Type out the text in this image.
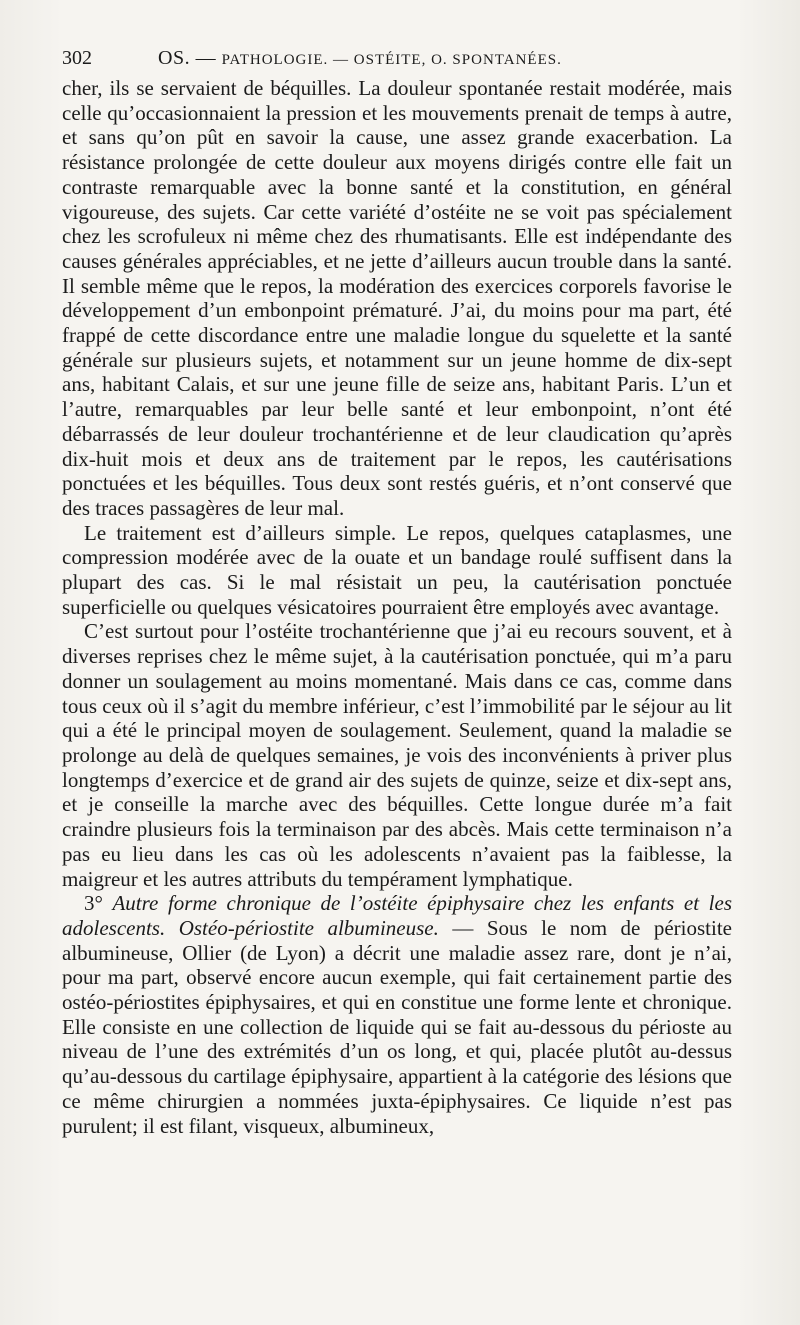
302	OS. — PATHOLOGIE. — OSTÉITE, O. SPONTANÉES.

cher, ils se servaient de béquilles. La douleur spontanée restait modérée, mais celle qu’occasionnaient la pression et les mouvements prenait de temps à autre, et sans qu’on pût en savoir la cause, une assez grande exacerbation. La résistance prolongée de cette douleur aux moyens dirigés contre elle fait un contraste remarquable avec la bonne santé et la constitution, en général vigoureuse, des sujets. Car cette variété d’ostéite ne se voit pas spécialement chez les scrofuleux ni même chez des rhumatisants. Elle est indépendante des causes générales appréciables, et ne jette d’ailleurs aucun trouble dans la santé. Il semble même que le repos, la modération des exercices corporels favorise le développement d’un embonpoint prématuré. J’ai, du moins pour ma part, été frappé de cette discordance entre une maladie longue du squelette et la santé générale sur plusieurs sujets, et notamment sur un jeune homme de dix-sept ans, habitant Calais, et sur une jeune fille de seize ans, habitant Paris. L’un et l’autre, remarquables par leur belle santé et leur embonpoint, n’ont été débarrassés de leur douleur trochantérienne et de leur claudication qu’après dix-huit mois et deux ans de traitement par le repos, les cautérisations ponctuées et les béquilles. Tous deux sont restés guéris, et n’ont conservé que des traces passagères de leur mal.

Le traitement est d’ailleurs simple. Le repos, quelques cataplasmes, une compression modérée avec de la ouate et un bandage roulé suffisent dans la plupart des cas. Si le mal résistait un peu, la cautérisation ponctuée superficielle ou quelques vésicatoires pourraient être employés avec avantage.

C’est surtout pour l’ostéite trochantérienne que j’ai eu recours souvent, et à diverses reprises chez le même sujet, à la cautérisation ponctuée, qui m’a paru donner un soulagement au moins momentané. Mais dans ce cas, comme dans tous ceux où il s’agit du membre inférieur, c’est l’immobilité par le séjour au lit qui a été le principal moyen de soulagement. Seulement, quand la maladie se prolonge au delà de quelques semaines, je vois des inconvénients à priver plus longtemps d’exercice et de grand air des sujets de quinze, seize et dix-sept ans, et je conseille la marche avec des béquilles. Cette longue durée m’a fait craindre plusieurs fois la terminaison par des abcès. Mais cette terminaison n’a pas eu lieu dans les cas où les adolescents n’avaient pas la faiblesse, la maigreur et les autres attributs du tempérament lymphatique.

3° Autre forme chronique de l’ostéite épiphysaire chez les enfants et les adolescents. Ostéo-périostite albumineuse. — Sous le nom de périostite albumineuse, Ollier (de Lyon) a décrit une maladie assez rare, dont je n’ai, pour ma part, observé encore aucun exemple, qui fait certainement partie des ostéo-périostites épiphysaires, et qui en constitue une forme lente et chronique. Elle consiste en une collection de liquide qui se fait au-dessous du périoste au niveau de l’une des extrémités d’un os long, et qui, placée plutôt au-dessus qu’au-dessous du cartilage épiphysaire, appartient à la catégorie des lésions que ce même chirurgien a nommées juxta-épiphysaires. Ce liquide n’est pas purulent; il est filant, visqueux, albumineux,
